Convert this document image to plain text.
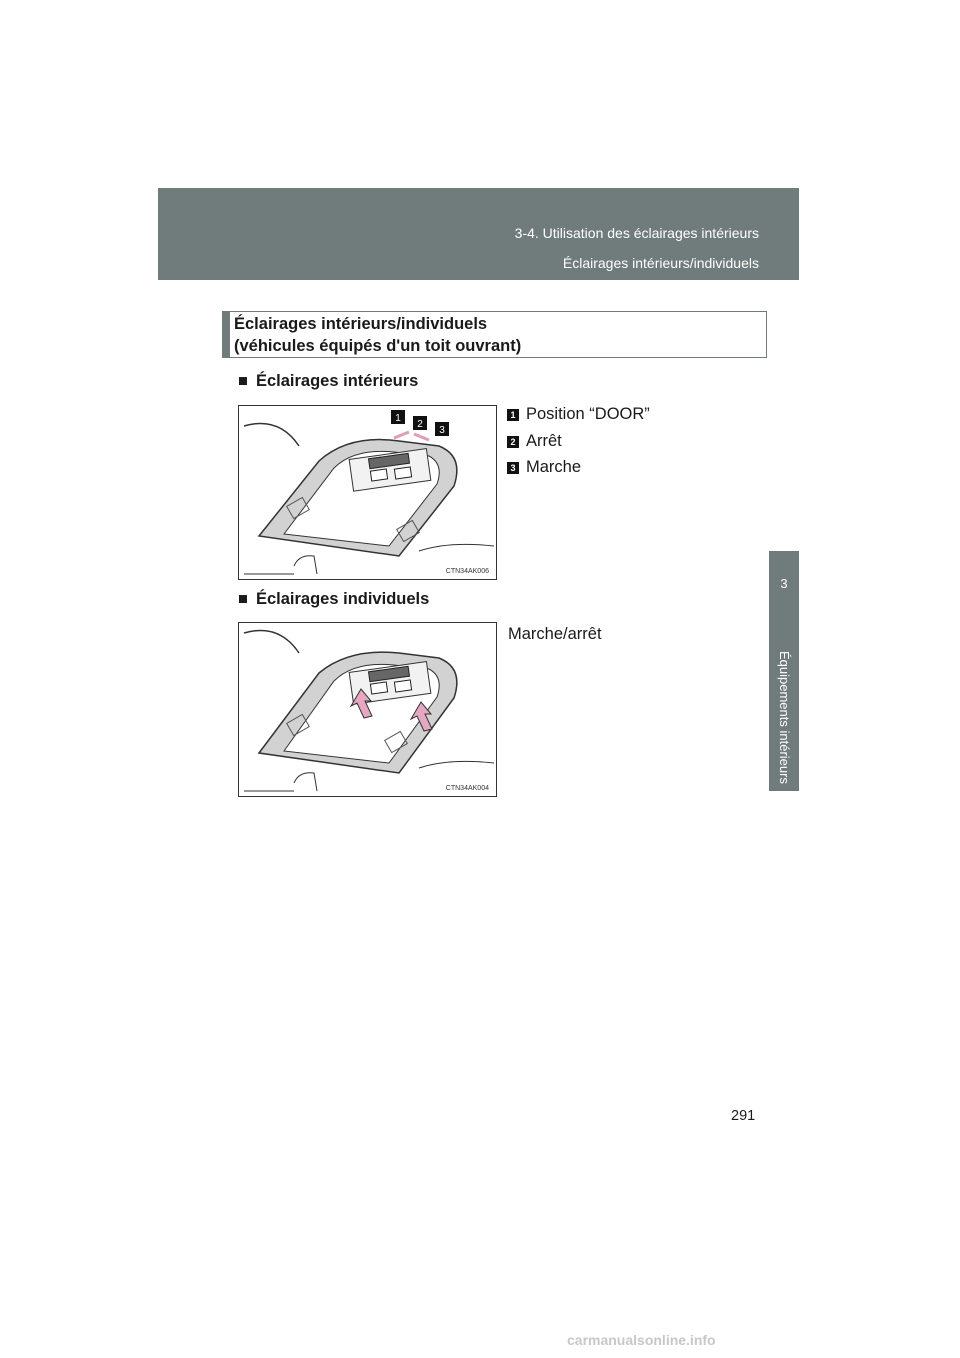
3-4. Utilisation des éclairages intérieurs
Éclairages intérieurs/individuels
3
Équipements intérieurs
Éclairages intérieurs/individuels
(véhicules équipés d'un toit ouvrant)
■ Éclairages intérieurs
1
2
3
CTN34AK006
1 Position “DOOR”
2 Arrêt
3 Marche
■ Éclairages individuels
CTN34AK004
Marche/arrêt
291
carmanualsonline.info
